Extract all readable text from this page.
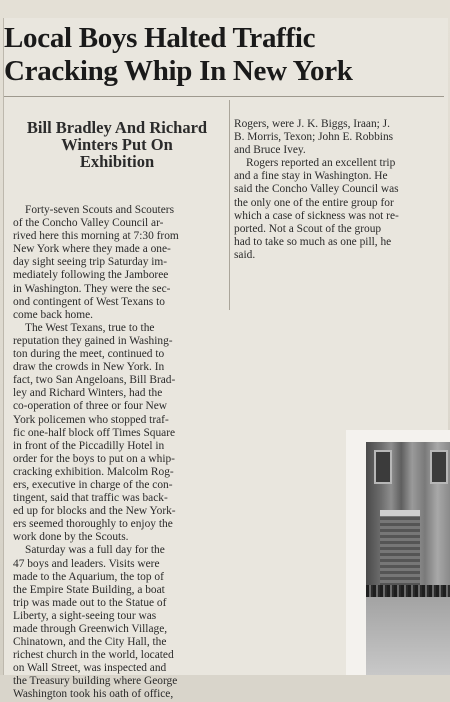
Local Boys Halted Traffic
Cracking Whip In New York
Bill Bradley And Richard
Winters Put On
Exhibition

Forty-seven Scouts and Scouters
of the Concho Valley Council ar-
rived here this morning at 7:30 from
New York where they made a one-
day sight seeing trip Saturday im-
mediately following the Jamboree
in Washington. They were the sec-
ond contingent of West Texans to
come back home.

The West Texans, true to the
reputation they gained in Washing-
ton during the meet, continued to
draw the crowds in New York. In
fact, two San Angeloans, Bill Brad-
ley and Richard Winters, had the
co-operation of three or four New
York policemen who stopped traf-
fic one-half block off Times Square
in front of the Piccadilly Hotel in
order for the boys to put on a whip-
cracking exhibition. Malcolm Rog-
ers, executive in charge of the con-
tingent, said that traffic was back-
ed up for blocks and the New York-
ers seemed thoroughly to enjoy the
work done by the Scouts.

Saturday was a full day for the
47 boys and leaders. Visits were
made to the Aquarium, the top of
the Empire State Building, a boat
trip was made out to the Statue of
Liberty, a sight-seeing tour was
made through Greenwich Village,
Chinatown, and the City Hall, the
richest church in the world, located
on Wall Street, was inspected and
the Treasury building where George
Washington took his oath of office,

Rogers, were J. K. Biggs, Iraan; J.
B. Morris, Texon; John E. Robbins
and Bruce Ivey.

Rogers reported an excellent trip
and a fine stay in Washington. He
said the Concho Valley Council was
the only one of the entire group for
which a case of sickness was not re-
ported. Not a Scout of the group
had to take so much as one pill, he
said.
